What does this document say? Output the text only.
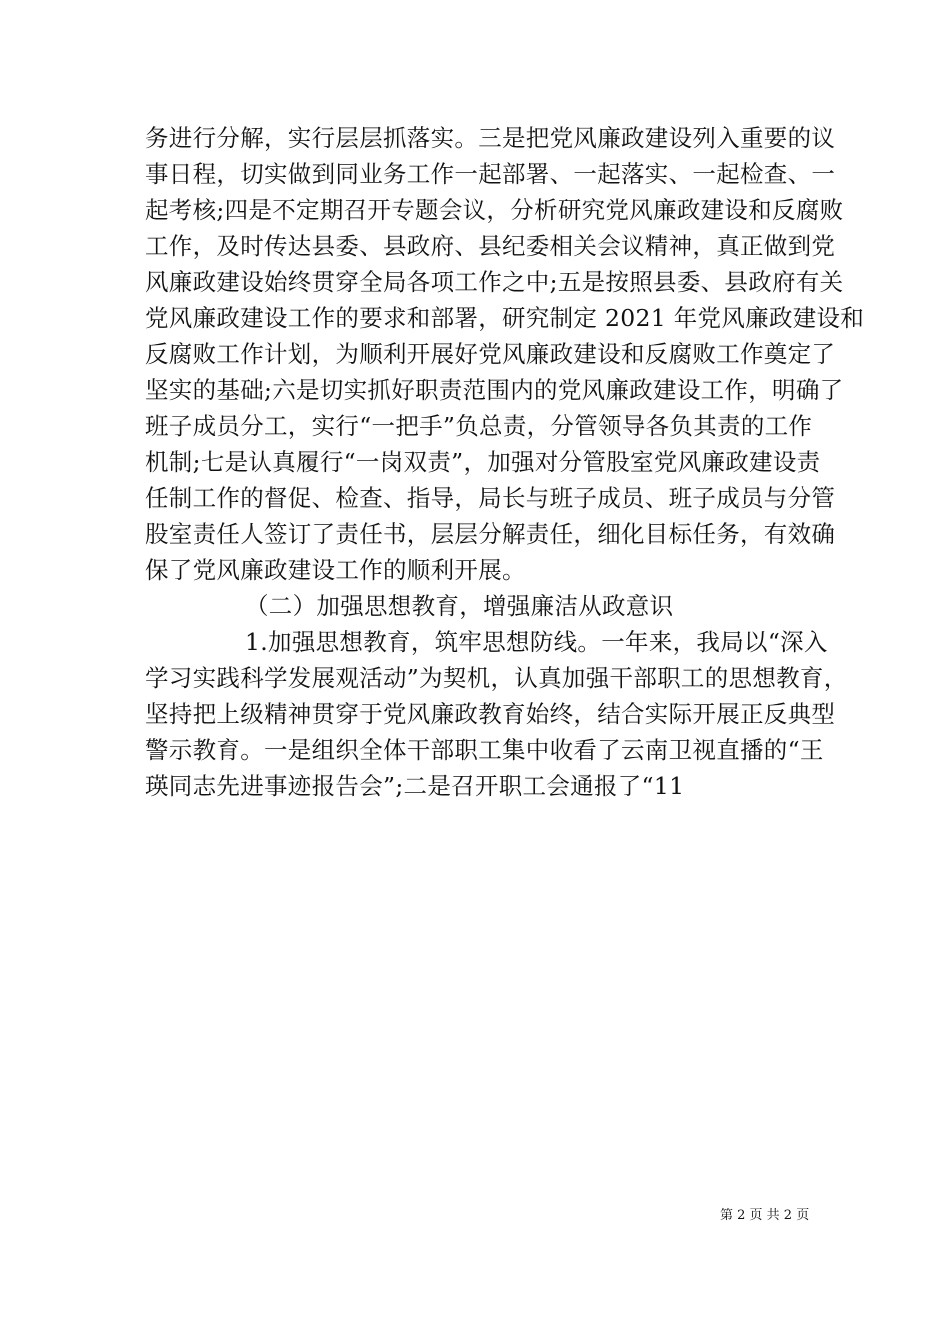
务进行分解，实行层层抓落实。三是把党风廉政建设列入重要的议
事日程，切实做到同业务工作一起部署、一起落实、一起检查、一
起考核;四是不定期召开专题会议，分析研究党风廉政建设和反腐败
工作，及时传达县委、县政府、县纪委相关会议精神，真正做到党
风廉政建设始终贯穿全局各项工作之中;五是按照县委、县政府有关
党风廉政建设工作的要求和部署，研究制定 2021 年党风廉政建设和
反腐败工作计划，为顺利开展好党风廉政建设和反腐败工作奠定了
坚实的基础;六是切实抓好职责范围内的党风廉政建设工作，明确了
班子成员分工，实行“一把手”负总责，分管领导各负其责的工作
机制;七是认真履行“一岗双责”，加强对分管股室党风廉政建设责
任制工作的督促、检查、指导，局长与班子成员、班子成员与分管
股室责任人签订了责任书，层层分解责任，细化目标任务，有效确
保了党风廉政建设工作的顺利开展。
（二）加强思想教育，增强廉洁从政意识
1.加强思想教育，筑牢思想防线。一年来，我局以“深入
学习实践科学发展观活动”为契机，认真加强干部职工的思想教育，
坚持把上级精神贯穿于党风廉政教育始终，结合实际开展正反典型
警示教育。一是组织全体干部职工集中收看了云南卫视直播的“王
瑛同志先进事迹报告会”;二是召开职工会通报了“11
第 2 页 共 2 页
